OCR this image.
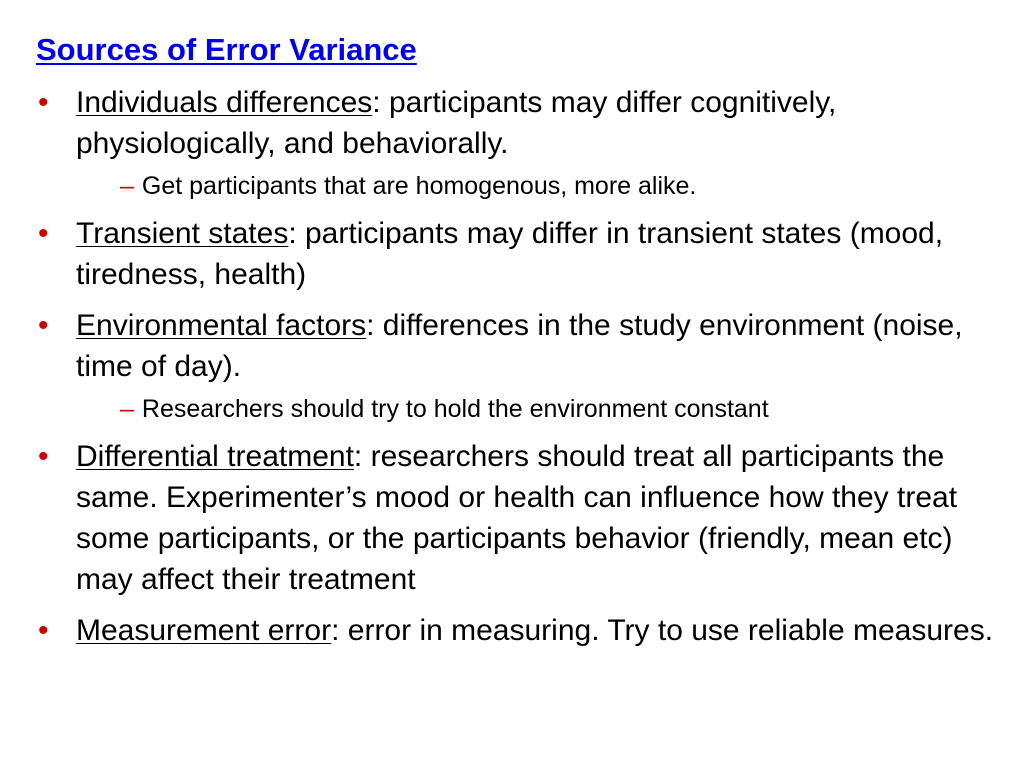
Sources of Error Variance
• Individuals differences: participants may differ cognitively, physiologically, and behaviorally.
– Get participants that are homogenous, more alike.
• Transient states: participants may differ in transient states (mood, tiredness, health)
• Environmental factors: differences in the study environment (noise, time of day).
– Researchers should try to hold the environment constant
• Differential treatment: researchers should treat all participants the same. Experimenter’s mood or health can influence how they treat some participants, or the participants behavior (friendly, mean etc) may affect their treatment
• Measurement error: error in measuring. Try to use reliable measures.
